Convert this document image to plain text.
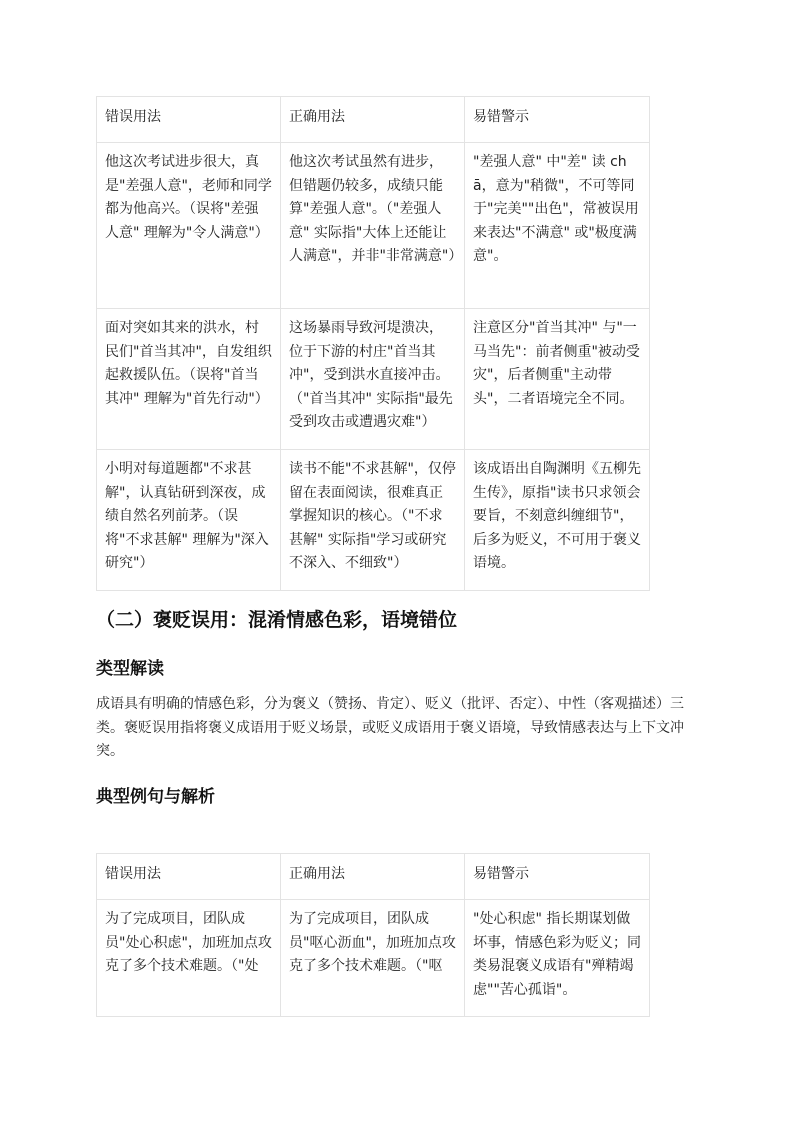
错误用法	正确用法	易错警示
他这次考试进步很大，真是"差强人意"，老师和同学都为他高兴。（误将"差强人意" 理解为"令人满意"）	他这次考试虽然有进步，但错题仍较多，成绩只能算"差强人意"。（"差强人意" 实际指"大体上还能让人满意"，并非"非常满意"）	"差强人意" 中"差" 读 chā，意为"稍微"，不可等同于"完美""出色"，常被误用来表达"不满意" 或"极度满意"。
面对突如其来的洪水，村民们"首当其冲"，自发组织起救援队伍。（误将"首当其冲" 理解为"首先行动"）	这场暴雨导致河堤溃决，位于下游的村庄"首当其冲"，受到洪水直接冲击。（"首当其冲" 实际指"最先受到攻击或遭遇灾难"）	注意区分"首当其冲" 与"一马当先"：前者侧重"被动受灾"，后者侧重"主动带头"，二者语境完全不同。
小明对每道题都"不求甚解"，认真钻研到深夜，成绩自然名列前茅。（误将"不求甚解" 理解为"深入研究"）	读书不能"不求甚解"，仅停留在表面阅读，很难真正掌握知识的核心。（"不求甚解" 实际指"学习或研究不深入、不细致"）	该成语出自陶渊明《五柳先生传》，原指"读书只求领会要旨，不刻意纠缠细节"，后多为贬义，不可用于褒义语境。
（二）褒贬误用：混淆情感色彩，语境错位
类型解读

成语具有明确的情感色彩，分为褒义（赞扬、肯定）、贬义（批评、否定）、中性（客观描述）三类。褒贬误用指将褒义成语用于贬义场景，或贬义成语用于褒义语境，导致情感表达与上下文冲突。

典型例句与解析
错误用法	正确用法	易错警示
为了完成项目，团队成员"处心积虑"，加班加点攻克了多个技术难题。（"处	为了完成项目，团队成员"呕心沥血"，加班加点攻克了多个技术难题。（"呕	"处心积虑" 指长期谋划做坏事，情感色彩为贬义；同类易混褒义成语有"殚精竭虑""苦心孤诣"。
